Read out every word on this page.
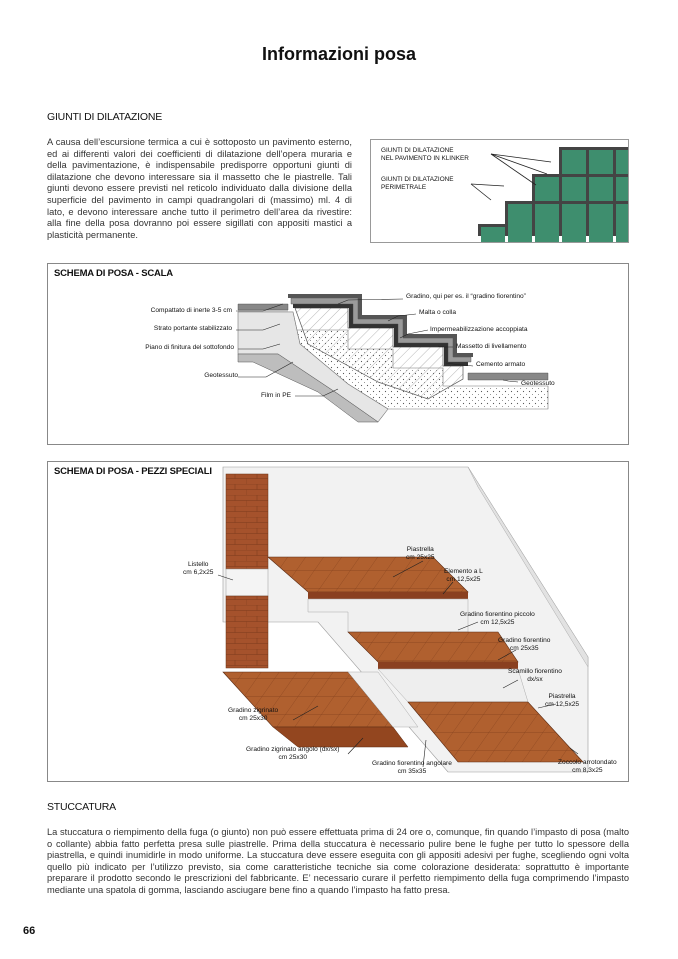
Informazioni posa
GIUNTI DI DILATAZIONE
A causa dell’escursione termica a cui è sottoposto un pavimento esterno, ed ai differenti valori dei coefficienti di dilatazione dell’opera muraria e della pavimentazione, è indispensabile predisporre opportuni giunti di dilatazione che devono interessare sia il massetto che le piastrelle. Tali giunti devono essere previsti nel reticolo individuato dalla divisione della superficie del pavimento in campi quadrangolari di (massimo) ml. 4 di lato, e devono interessare anche tutto il perimetro dell’area da rivestire: alla fine della posa dovranno poi essere sigillati con appositi mastici a plasticità permanente.
GIUNTI DI DILATAZIONE
NEL PAVIMENTO IN KLINKER
GIUNTI DI DILATAZIONE
PERIMETRALE
SCHEMA DI POSA - SCALA
Compattato di inerte 3-5 cm
Strato portante stabilizzato
Piano di finitura del sottofondo
Geotessuto
Film in PE
Gradino, qui per es. il “gradino fiorentino”
Malta o colla
Impermeabilizzazione accoppiata
Massetto di livellamento
Cemento armato
Geotessuto
SCHEMA DI POSA - PEZZI SPECIALI
Listello
cm 6,2x25
Piastrella
cm 25x25
Elemento a L
cm 12,5x25
Gradino fiorentino piccolo
cm 12,5x25
Gradino fiorentino
cm 25x35
Scamillo fiorentino
dx/sx
Piastrella
cm 12,5x25
Gradino zigrinato
cm 25x30
Gradino zigrinato angolo (dx/sx)
cm 25x30
Gradino fiorentino angolare
cm 35x35
Zoccolo arrotondato
cm 8,3x25
STUCCATURA
La stuccatura o riempimento della fuga (o giunto) non può essere effettuata prima di 24 ore o, comunque, fin quando l’impasto di posa (malto o collante) abbia fatto perfetta presa sulle piastrelle. Prima della stuccatura è necessario pulire bene le fughe per tutto lo spessore della piastrella, e quindi inumidirle in modo uniforme. La stuccatura deve essere eseguita con gli appositi adesivi per fughe, scegliendo ogni volta quello più indicato per l’utilizzo previsto, sia come caratteristiche tecniche sia come colorazione desiderata: soprattutto è importante preparare il prodotto secondo le prescrizioni del fabbricante. E’ necessario curare il perfetto riempimento della fuga comprimendo l’impasto mediante una spatola di gomma, lasciando asciugare bene fino a quando l’impasto ha fatto presa.
66
